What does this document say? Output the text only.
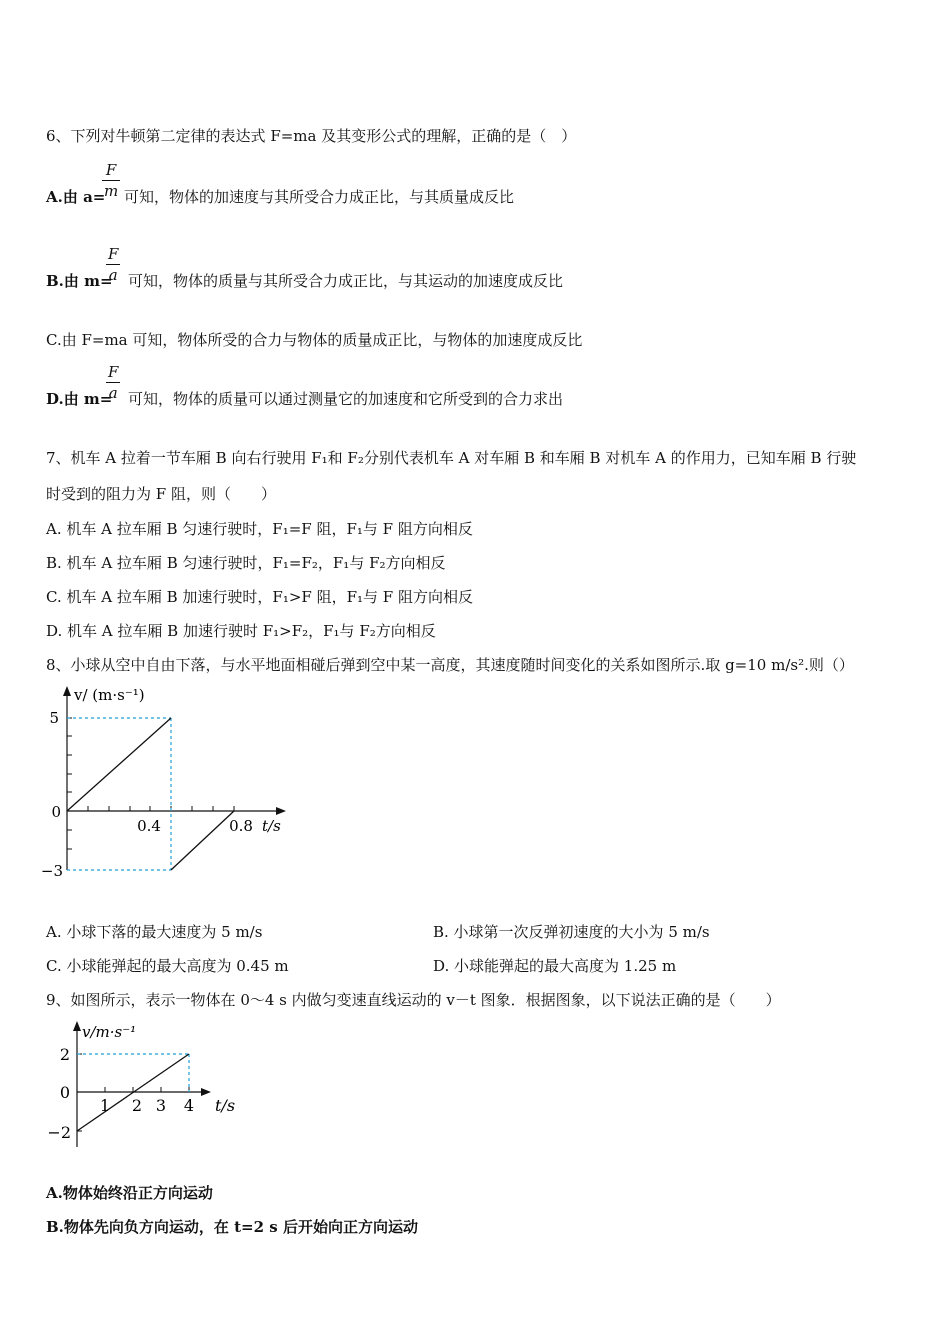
6、下列对牛顿第二定律的表达式 F=ma 及其变形公式的理解，正确的是（　）
A.由 a=
F
m 可知，物体的加速度与其所受合力成正比，与其质量成反比
B.由 m=
F
a 可知，物体的质量与其所受合力成正比，与其运动的加速度成反比
C.由 F=ma 可知，物体所受的合力与物体的质量成正比，与物体的加速度成反比
D.由 m=
F
a 可知，物体的质量可以通过测量它的加速度和它所受到的合力求出
7、机车 A 拉着一节车厢 B 向右行驶用 F₁和 F₂分别代表机车 A 对车厢 B 和车厢 B 对机车 A 的作用力，已知车厢 B 行驶
时受到的阻力为 F 阻，则（　　）
A. 机车 A 拉车厢 B 匀速行驶时，F₁=F 阻，F₁与 F 阻方向相反
B. 机车 A 拉车厢 B 匀速行驶时，F₁=F₂，F₁与 F₂方向相反
C. 机车 A 拉车厢 B 加速行驶时，F₁>F 阻，F₁与 F 阻方向相反
D. 机车 A 拉车厢 B 加速行驶时 F₁>F₂，F₁与 F₂方向相反
8、小球从空中自由下落，与水平地面相碰后弹到空中某一高度，其速度随时间变化的关系如图所示.取 g=10 m/s².则（）
v/ (m·s⁻¹)
5
0
−3
0.4	0.8 t/s
A. 小球下落的最大速度为 5 m/s	B. 小球第一次反弹初速度的大小为 5 m/s
C. 小球能弹起的最大高度为 0.45 m	D. 小球能弹起的最大高度为 1.25 m
9、如图所示，表示一物体在 0～4 s 内做匀变速直线运动的 v－t 图象．根据图象，以下说法正确的是（　　）
v/m·s⁻¹
2
0
−2
1 2 3 4 t/s
A.物体始终沿正方向运动
B.物体先向负方向运动，在 t=2 s 后开始向正方向运动
